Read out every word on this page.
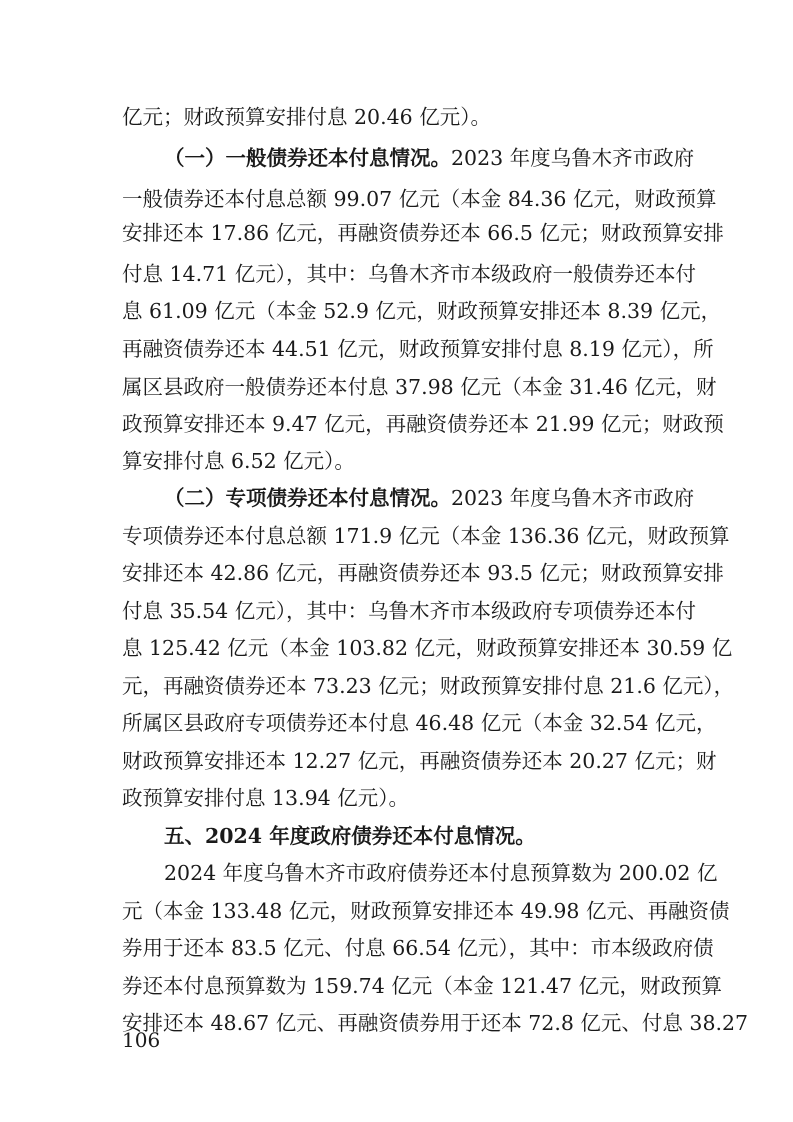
亿元；财政预算安排付息 20.46 亿元）。
（一）一般债券还本付息情况。2023 年度乌鲁木齐市政府
一般债券还本付息总额 99.07 亿元（本金 84.36 亿元，财政预算
安排还本 17.86 亿元，再融资债券还本 66.5 亿元；财政预算安排
付息 14.71 亿元），其中：乌鲁木齐市本级政府一般债券还本付
息 61.09 亿元（本金 52.9 亿元，财政预算安排还本 8.39 亿元，
再融资债券还本 44.51 亿元，财政预算安排付息 8.19 亿元），所
属区县政府一般债券还本付息 37.98 亿元（本金 31.46 亿元，财
政预算安排还本 9.47 亿元，再融资债券还本 21.99 亿元；财政预
算安排付息 6.52 亿元）。
（二）专项债券还本付息情况。2023 年度乌鲁木齐市政府
专项债券还本付息总额 171.9 亿元（本金 136.36 亿元，财政预算
安排还本 42.86 亿元，再融资债券还本 93.5 亿元；财政预算安排
付息 35.54 亿元），其中：乌鲁木齐市本级政府专项债券还本付
息 125.42 亿元（本金 103.82 亿元，财政预算安排还本 30.59 亿
元，再融资债券还本 73.23 亿元；财政预算安排付息 21.6 亿元），
所属区县政府专项债券还本付息 46.48 亿元（本金 32.54 亿元，
财政预算安排还本 12.27 亿元，再融资债券还本 20.27 亿元；财
政预算安排付息 13.94 亿元）。
五、2024 年度政府债券还本付息情况。
2024 年度乌鲁木齐市政府债券还本付息预算数为 200.02 亿
元（本金 133.48 亿元，财政预算安排还本 49.98 亿元、再融资债
券用于还本 83.5 亿元、付息 66.54 亿元），其中：市本级政府债
券还本付息预算数为 159.74 亿元（本金 121.47 亿元，财政预算
安排还本 48.67 亿元、再融资债券用于还本 72.8 亿元、付息 38.27
106
